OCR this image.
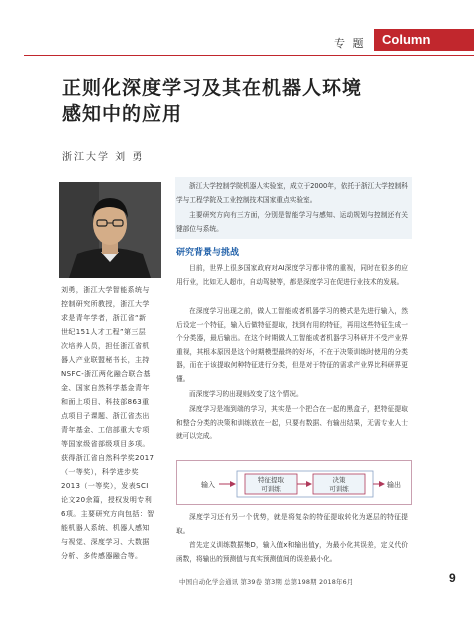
专 题	Column
正则化深度学习及其在机器人环境
感知中的应用
浙江大学 刘 勇
刘勇，浙江大学智能系统与
控制研究所教授，浙江大学
求是青年学者，浙江省“新
世纪151人才工程”第三层
次培养人员，担任浙江省机
器人产业联盟秘书长，主持
NSFC-浙江两化融合联合基
金、国家自然科学基金青年
和面上项目、科技部863重
点项目子课题、浙江省杰出
青年基金、工信部重大专项
等国家级省部级项目多项。
获得浙江省自然科学奖2017
（一等奖），科学进步奖
2013（一等奖），发表SCI
论文20余篇，授权发明专利
6项。主要研究方向包括：智
能机器人系统、机器人感知
与视觉、深度学习、大数据
分析、多传感器融合等。
浙江大学控制学院机器人实验室，成立于2000年，依托于浙江大学控制科学与工程学院及工业控制技术国家重点实验室。
主要研究方向有三方面，分别是智能学习与感知、运动规划与控制还有关键部位与系统。
研究背景与挑战
目前，世界上很多国家政府对AI深度学习都非常的重视，同时在很多的应用行业，比如无人超市，自动驾驶等，都是深度学习在促进行业技术的发展。
在深度学习出现之前，做人工智能或者机器学习的模式是先进行输入，然后设定一个特征，输入后做特征提取，找到有用的特征，再用这些特征生成一个分类器，最后输出。在这个时期做人工智能或者机器学习科研并不受产业界重视，其根本原因是这个时期模型最终的好坏，不在于决策训练时使用的分类器，而在于该提取何种特征进行分类，但是对于特征的需求产业界比科研界更懂。
而深度学习的出现则改变了这个情况。
深度学习是端到端的学习，其实是一个把合在一起的黑盒子，把特征提取和整合分类的决策和训练放在一起，只要有数据、有输出结果，无需专业人士就可以完成。
输入
特征提取
可训练
决策
可训练	输出
深度学习还有另一个优势，就是将复杂的特征提取转化为逐层的特征提取。
首先定义训练数据集D，输入值x和输出值y，为最小化其误差，定义代价函数，将输出的预测值与真实预测值间的误差最小化。
中国自动化学会通讯 第39卷 第3期 总第198期 2018年6月	9
